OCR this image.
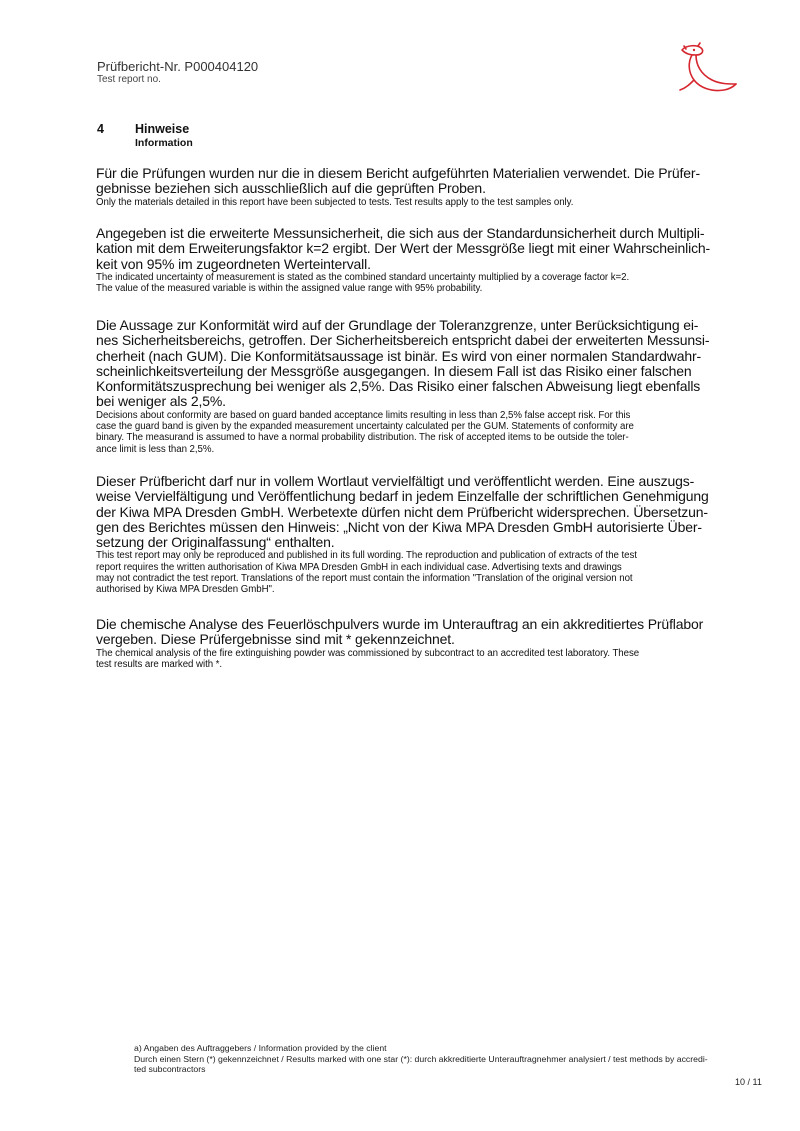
Prüfbericht-Nr. P000404120
Test report no.
4 Hinweise
Information

Für die Prüfungen wurden nur die in diesem Bericht aufgeführten Materialien verwendet. Die Prüfer-

gebnisse beziehen sich ausschließlich auf die geprüften Proben.

Only the materials detailed in this report have been subjected to tests. Test results apply to the test samples only.

Angegeben ist die erweiterte Messunsicherheit, die sich aus der Standardunsicherheit durch Multipli-

kation mit dem Erweiterungsfaktor k=2 ergibt. Der Wert der Messgröße liegt mit einer Wahrscheinlich-

keit von 95% im zugeordneten Werteintervall.

The indicated uncertainty of measurement is stated as the combined standard uncertainty multiplied by a coverage factor k=2.

The value of the measured variable is within the assigned value range with 95% probability.

Die Aussage zur Konformität wird auf der Grundlage der Toleranzgrenze, unter Berücksichtigung ei-

nes Sicherheitsbereichs, getroffen. Der Sicherheitsbereich entspricht dabei der erweiterten Messunsi-

cherheit (nach GUM). Die Konformitätsaussage ist binär. Es wird von einer normalen Standardwahr-

scheinlichkeitsverteilung der Messgröße ausgegangen. In diesem Fall ist das Risiko einer falschen

Konformitätszusprechung bei weniger als 2,5%. Das Risiko einer falschen Abweisung liegt ebenfalls

bei weniger als 2,5%.

Decisions about conformity are based on guard banded acceptance limits resulting in less than 2,5% false accept risk. For this

case the guard band is given by the expanded measurement uncertainty calculated per the GUM. Statements of conformity are

binary. The measurand is assumed to have a normal probability distribution. The risk of accepted items to be outside the toler-

ance limit is less than 2,5%.

Dieser Prüfbericht darf nur in vollem Wortlaut vervielfältigt und veröffentlicht werden. Eine auszugs-

weise Vervielfältigung und Veröffentlichung bedarf in jedem Einzelfalle der schriftlichen Genehmigung

der Kiwa MPA Dresden GmbH. Werbetexte dürfen nicht dem Prüfbericht widersprechen. Übersetzun-

gen des Berichtes müssen den Hinweis: „Nicht von der Kiwa MPA Dresden GmbH autorisierte Über-

setzung der Originalfassung“ enthalten.

This test report may only be reproduced and published in its full wording. The reproduction and publication of extracts of the test

report requires the written authorisation of Kiwa MPA Dresden GmbH in each individual case. Advertising texts and drawings

may not contradict the test report. Translations of the report must contain the information "Translation of the original version not

authorised by Kiwa MPA Dresden GmbH".

Die chemische Analyse des Feuerlöschpulvers wurde im Unterauftrag an ein akkreditiertes Prüflabor

vergeben. Diese Prüfergebnisse sind mit * gekennzeichnet.

The chemical analysis of the fire extinguishing powder was commissioned by subcontract to an accredited test laboratory. These

test results are marked with *.

a) Angaben des Auftraggebers / Information provided by the client
Durch einen Stern (*) gekennzeichnet / Results marked with one star (*): durch akkreditierte Unterauftragnehmer analysiert / test methods by accredi-
ted subcontractors
10 / 11
